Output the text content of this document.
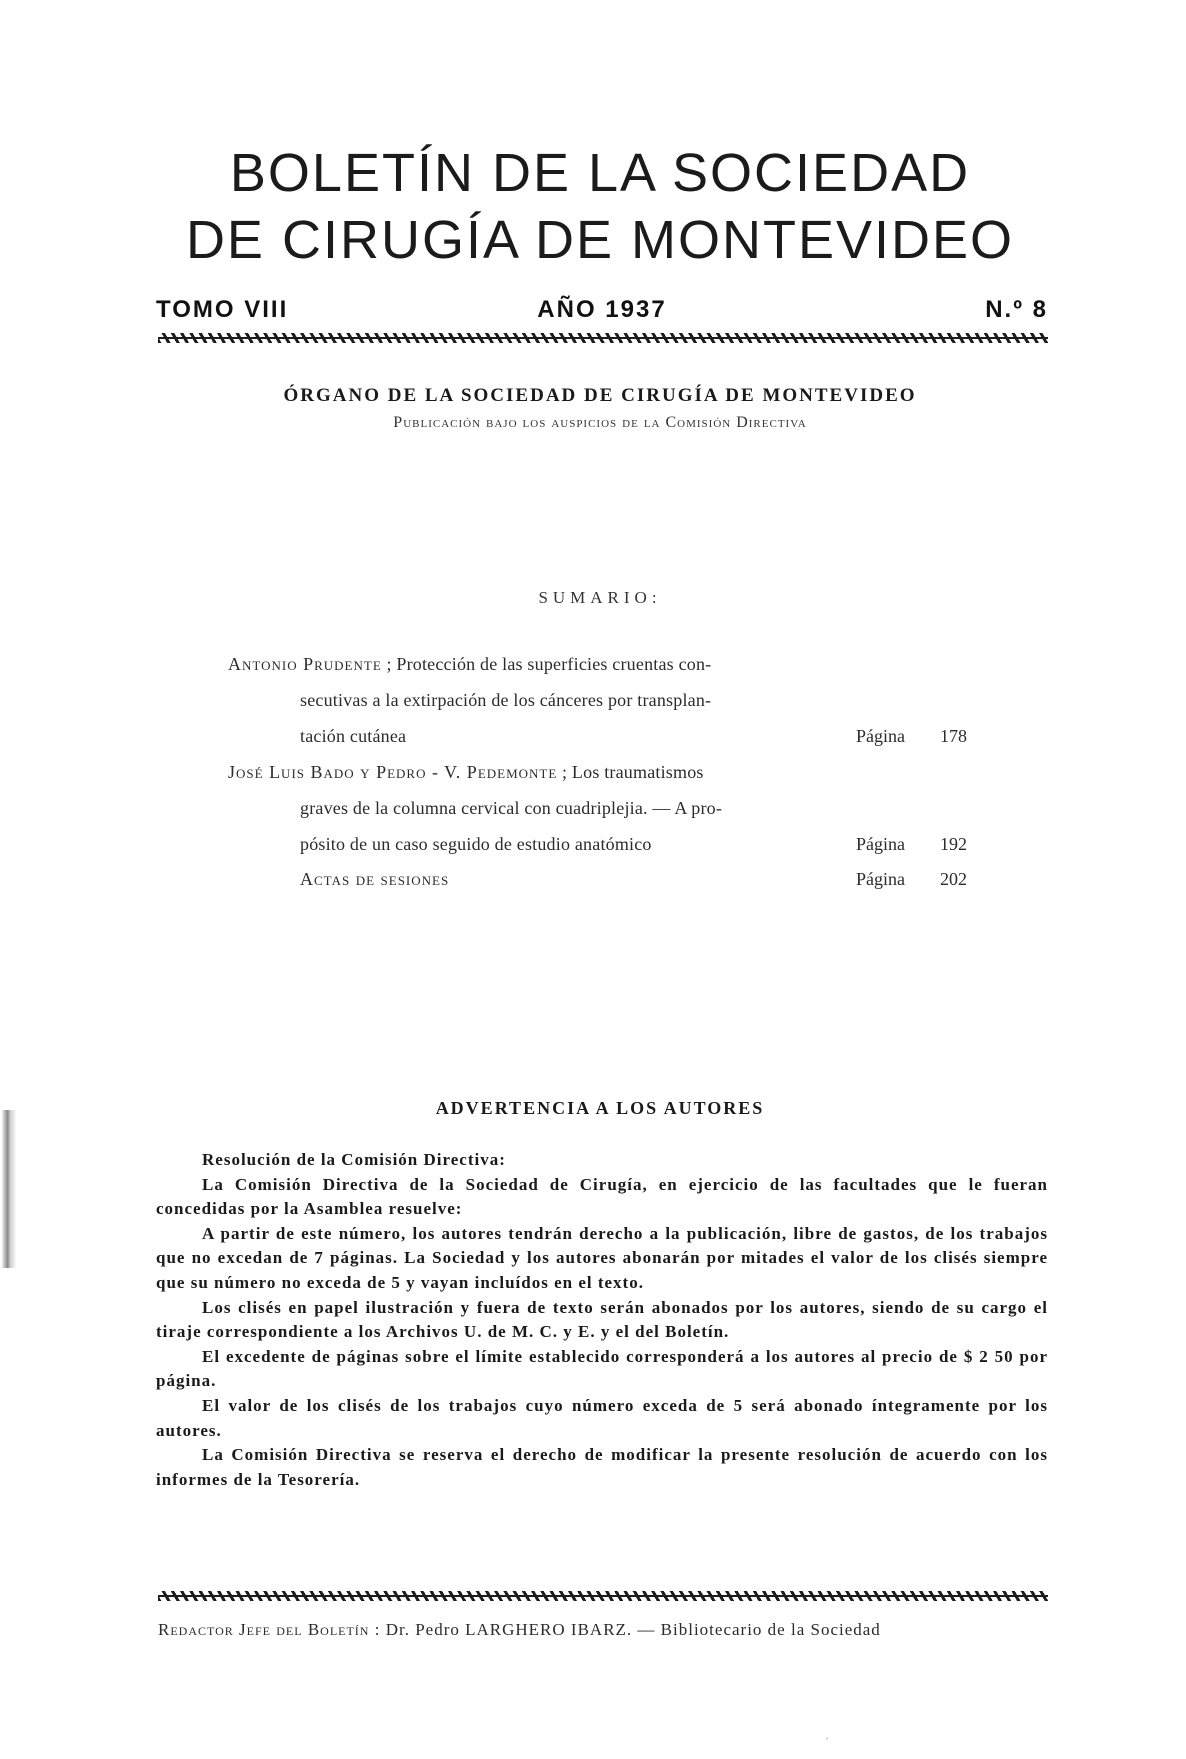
BOLETÍN DE LA SOCIEDAD
DE CIRUGÍA DE MONTEVIDEO
TOMO VIII	AÑO 1937	N.º 8
ÓRGANO DE LA SOCIEDAD DE CIRUGÍA DE MONTEVIDEO
Publicación bajo los auspicios de la Comisión Directiva
SUMARIO:
Antonio Prudente ; Protección de las superficies cruentas con-
secutivas a la extirpación de los cánceres por transplan-
tación cutánea	Página 178
José Luis Bado y Pedro - V. Pedemonte ; Los traumatismos
graves de la columna cervical con cuadriplejia. — A pro-
pósito de un caso seguido de estudio anatómico	Página 192
Actas de sesiones	Página 202
ADVERTENCIA A LOS AUTORES

Resolución de la Comisión Directiva:

La Comisión Directiva de la Sociedad de Cirugía, en ejercicio de las facultades que le fueran concedidas por la Asamblea resuelve:

A partir de este número, los autores tendrán derecho a la publicación, libre de gastos, de los trabajos que no excedan de 7 páginas. La Sociedad y los autores abonarán por mitades el valor de los clisés siempre que su número no exceda de 5 y vayan incluídos en el texto.

Los clisés en papel ilustración y fuera de texto serán abonados por los autores, siendo de su cargo el tiraje correspondiente a los Archivos U. de M. C. y E. y el del Boletín.

El excedente de páginas sobre el límite establecido corresponderá a los autores al precio de $ 2 50 por página.

El valor de los clisés de los trabajos cuyo número exceda de 5 será abonado íntegramente por los autores.

La Comisión Directiva se reserva el derecho de modificar la presente resolución de acuerdo con los informes de la Tesorería.

Redactor Jefe del Boletín : Dr. Pedro LARGHERO IBARZ. — Bibliotecario de la Sociedad
ˊ
